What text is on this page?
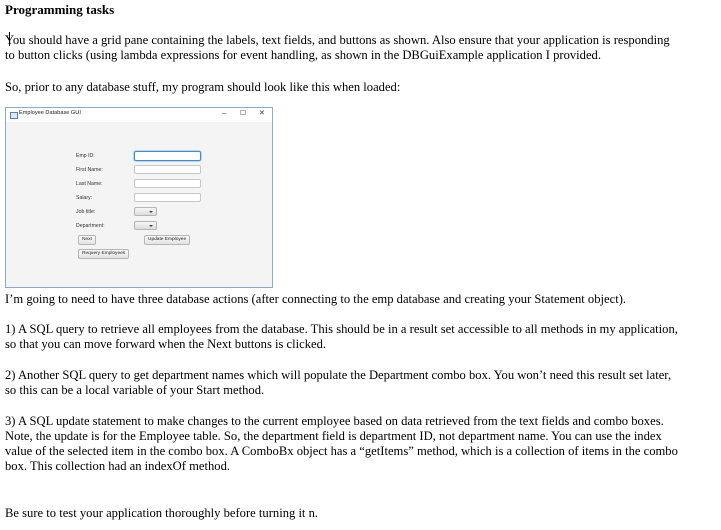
Programming tasks
You should have a grid pane containing the labels, text fields, and buttons as shown. Also ensure that your application is responding
to button clicks (using lambda expressions for event handling, as shown in the DBGuiExample application I provided.
So, prior to any database stuff, my program should look like this when loaded:
I’m going to need to have three database actions (after connecting to the emp database and creating your Statement object).
1) A SQL query to retrieve all employees from the database. This should be in a result set accessible to all methods in my application,
so that you can move forward when the Next buttons is clicked.
2) Another SQL query to get department names which will populate the Department combo box. You won’t need this result set later,
so this can be a local variable of your Start method.
3) A SQL update statement to make changes to the current employee based on data retrieved from the text fields and combo boxes.
Note, the update is for the Employee table. So, the department field is department ID, not department name. You can use the index
value of the selected item in the combo box. A ComboBx object has a “getItems” method, which is a collection of items in the combo
box. This collection had an indexOf method.
Be sure to test your application thoroughly before turning it n.
Employee Database GUI	– ☐ ✕
Emp ID:
First Name:
Last Name:
Salary:
Job title:
Department:
Next	Update Employee
Requery Employees
